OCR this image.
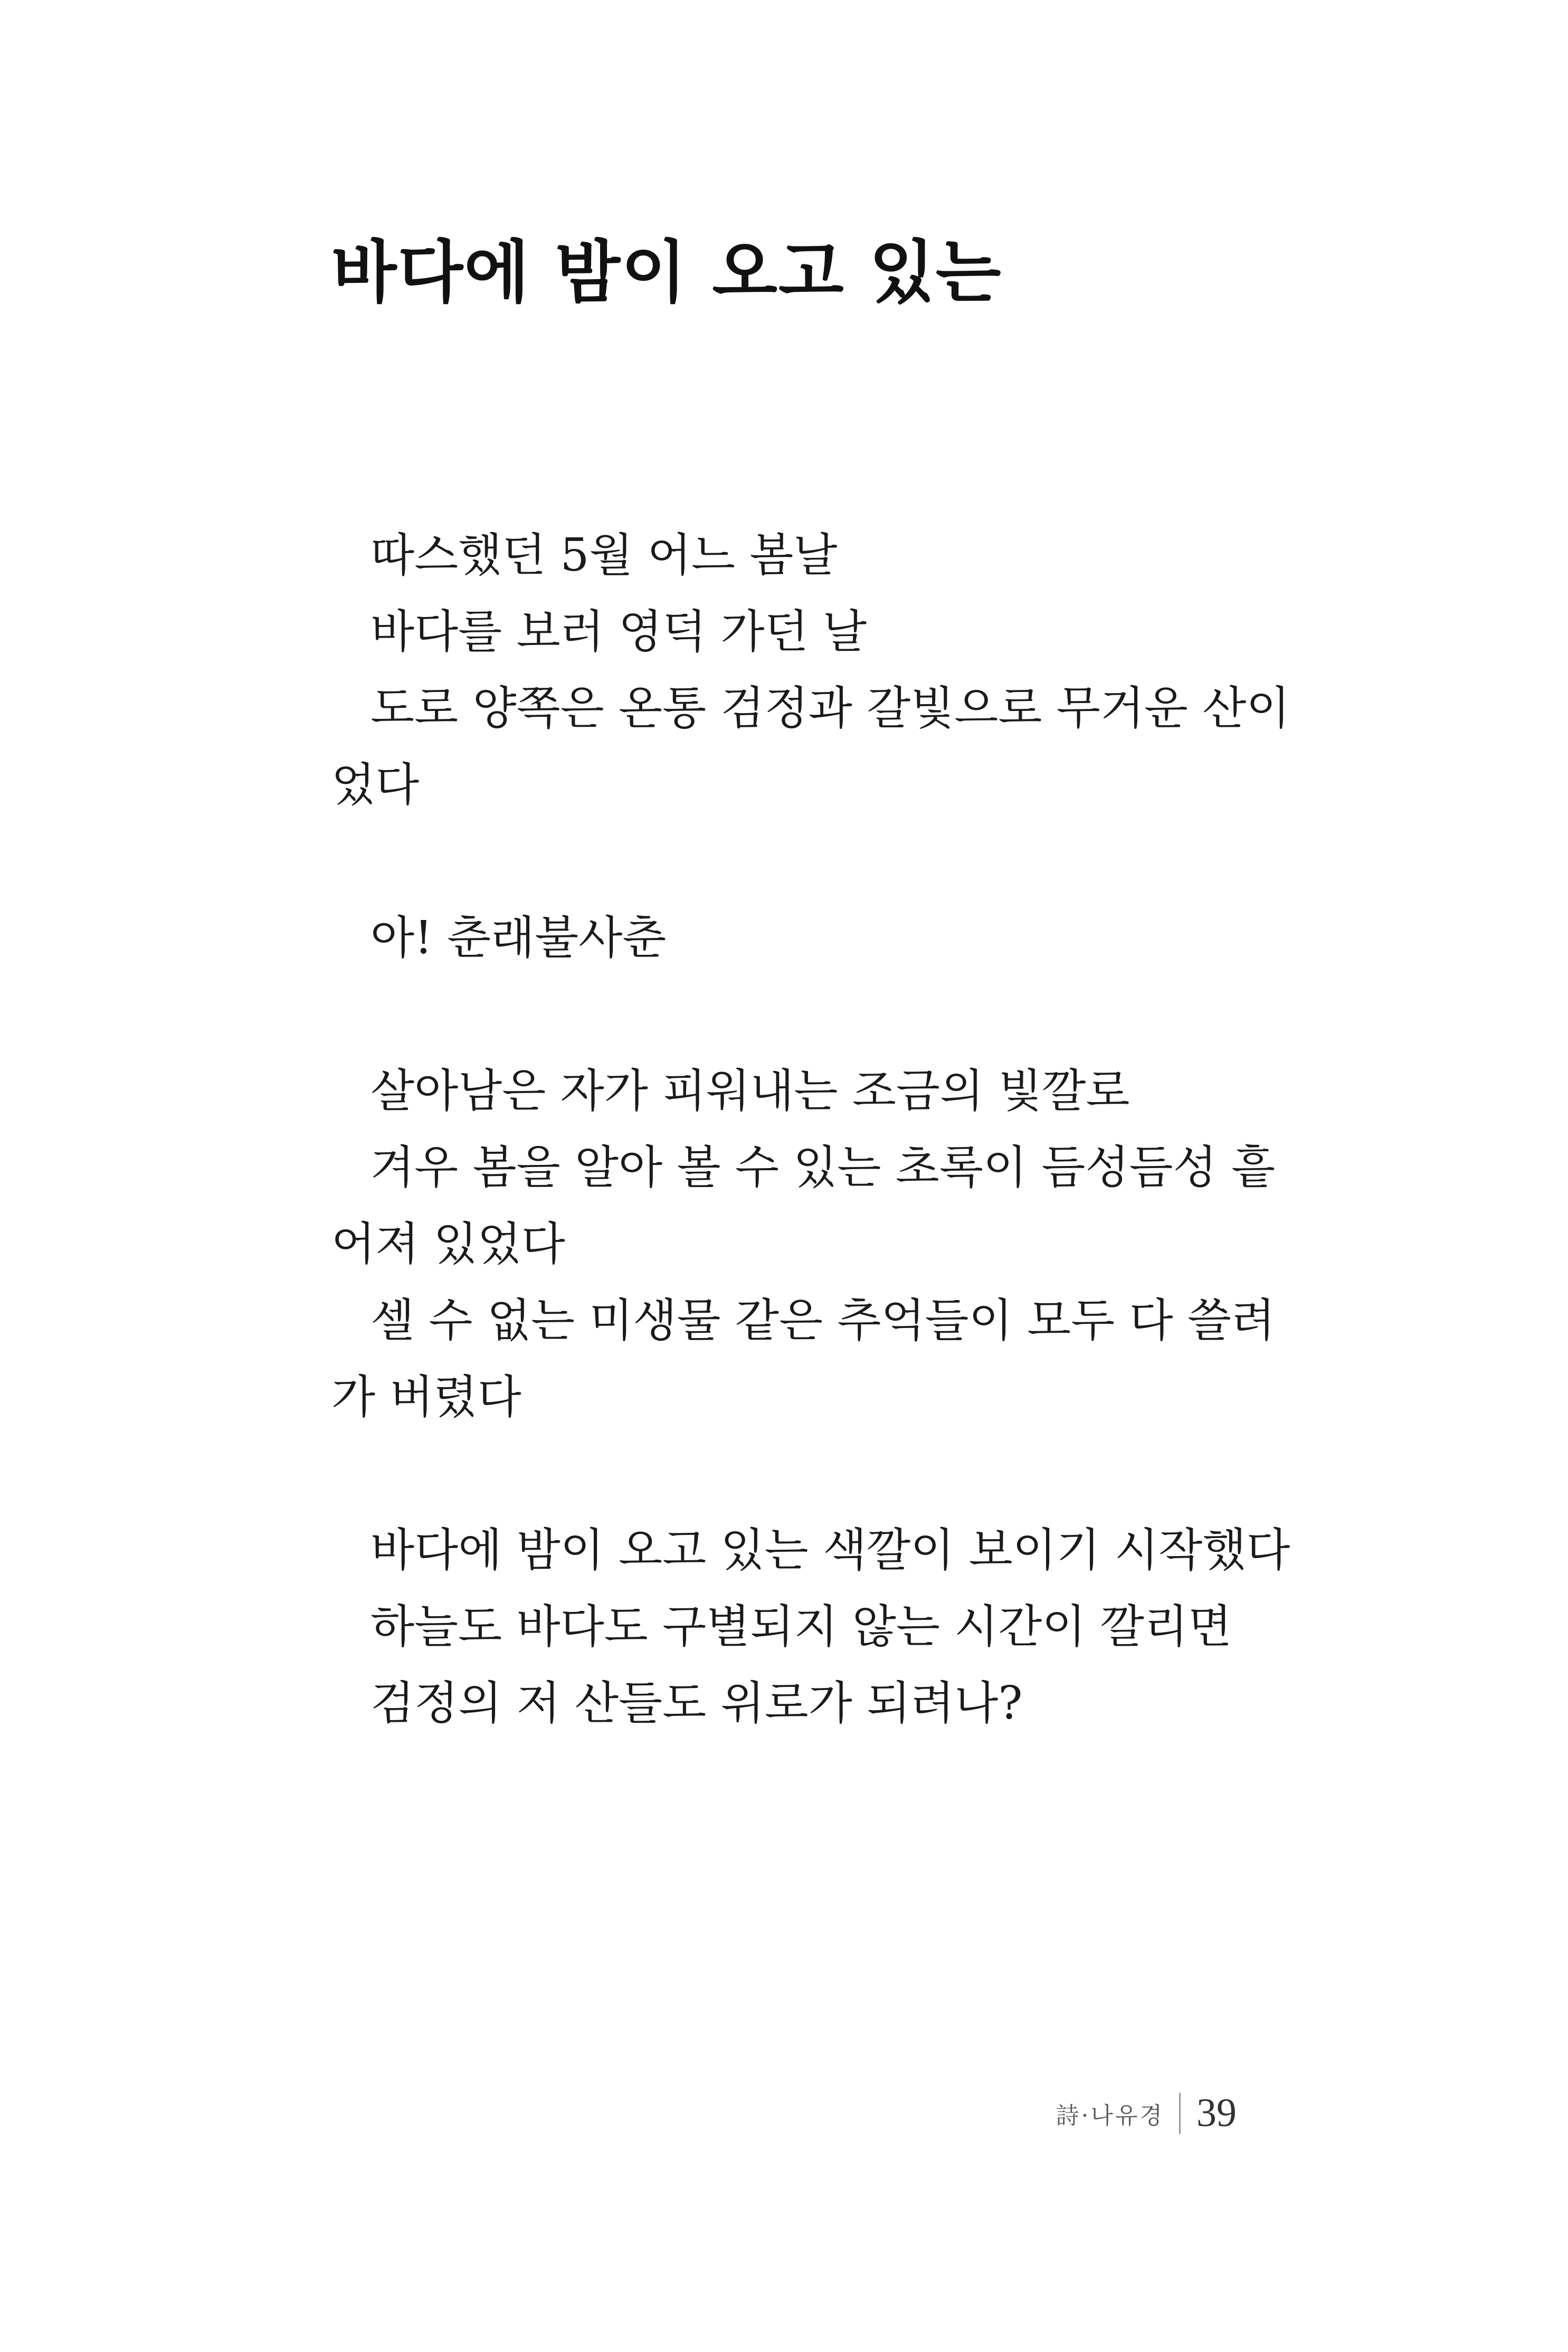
바다에 밤이 오고 있는
따스했던 5월 어느 봄날
바다를 보러 영덕 가던 날
도로 양쪽은 온통 검정과 갈빛으로 무거운 산이
었다
아! 춘래불사춘
살아남은 자가 피워내는 조금의 빛깔로
겨우 봄을 알아 볼 수 있는 초록이 듬성듬성 흩
어져 있었다
셀 수 없는 미생물 같은 추억들이 모두 다 쓸려
가 버렸다
바다에 밤이 오고 있는 색깔이 보이기 시작했다
하늘도 바다도 구별되지 않는 시간이 깔리면
검정의 저 산들도 위로가 되려나?
詩·나유경 39
